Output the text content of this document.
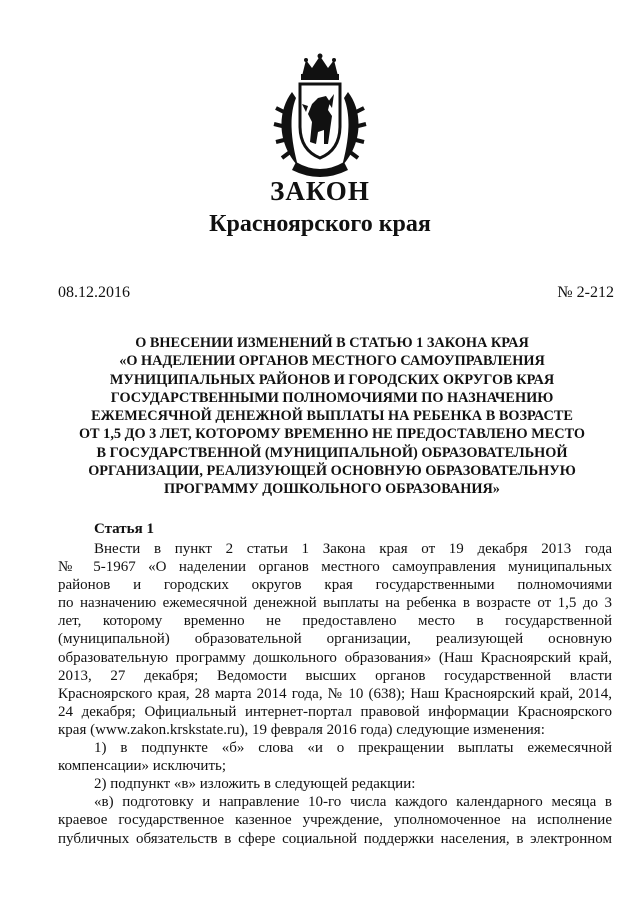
ЗАКОН
Красноярского края
08.12.2016	№ 2-212
О ВНЕСЕНИИ ИЗМЕНЕНИЙ В СТАТЬЮ 1 ЗАКОНА КРАЯ
«О НАДЕЛЕНИИ ОРГАНОВ МЕСТНОГО САМОУПРАВЛЕНИЯ
МУНИЦИПАЛЬНЫХ РАЙОНОВ И ГОРОДСКИХ ОКРУГОВ КРАЯ
ГОСУДАРСТВЕННЫМИ ПОЛНОМОЧИЯМИ ПО НАЗНАЧЕНИЮ
ЕЖЕМЕСЯЧНОЙ ДЕНЕЖНОЙ ВЫПЛАТЫ НА РЕБЕНКА В ВОЗРАСТЕ
ОТ 1,5 ДО 3 ЛЕТ, КОТОРОМУ ВРЕМЕННО НЕ ПРЕДОСТАВЛЕНО МЕСТО
В ГОСУДАРСТВЕННОЙ (МУНИЦИПАЛЬНОЙ) ОБРАЗОВАТЕЛЬНОЙ
ОРГАНИЗАЦИИ, РЕАЛИЗУЮЩЕЙ ОСНОВНУЮ ОБРАЗОВАТЕЛЬНУЮ
ПРОГРАММУ ДОШКОЛЬНОГО ОБРАЗОВАНИЯ»
Статья 1

Внести в пункт 2 статьи 1 Закона края от 19 декабря 2013 года
№ 5-1967 «О наделении органов местного самоуправления муниципальных
районов и городских округов края государственными полномочиями
по назначению ежемесячной денежной выплаты на ребенка в возрасте от 1,5 до 3
лет, которому временно не предоставлено место в государственной
(муниципальной) образовательной организации, реализующей основную
образовательную программу дошкольного образования» (Наш Красноярский край,
2013, 27 декабря; Ведомости высших органов государственной власти
Красноярского края, 28 марта 2014 года, № 10 (638); Наш Красноярский край, 2014,
24 декабря; Официальный интернет-портал правовой информации Красноярского
края (www.zakon.krskstate.ru), 19 февраля 2016 года) следующие изменения:

1) в подпункте «б» слова «и о прекращении выплаты ежемесячной
компенсации» исключить;

2) подпункт «в» изложить в следующей редакции:

«в) подготовку и направление 10-го числа каждого календарного месяца в
краевое государственное казенное учреждение, уполномоченное на исполнение
публичных обязательств в сфере социальной поддержки населения, в электронном
